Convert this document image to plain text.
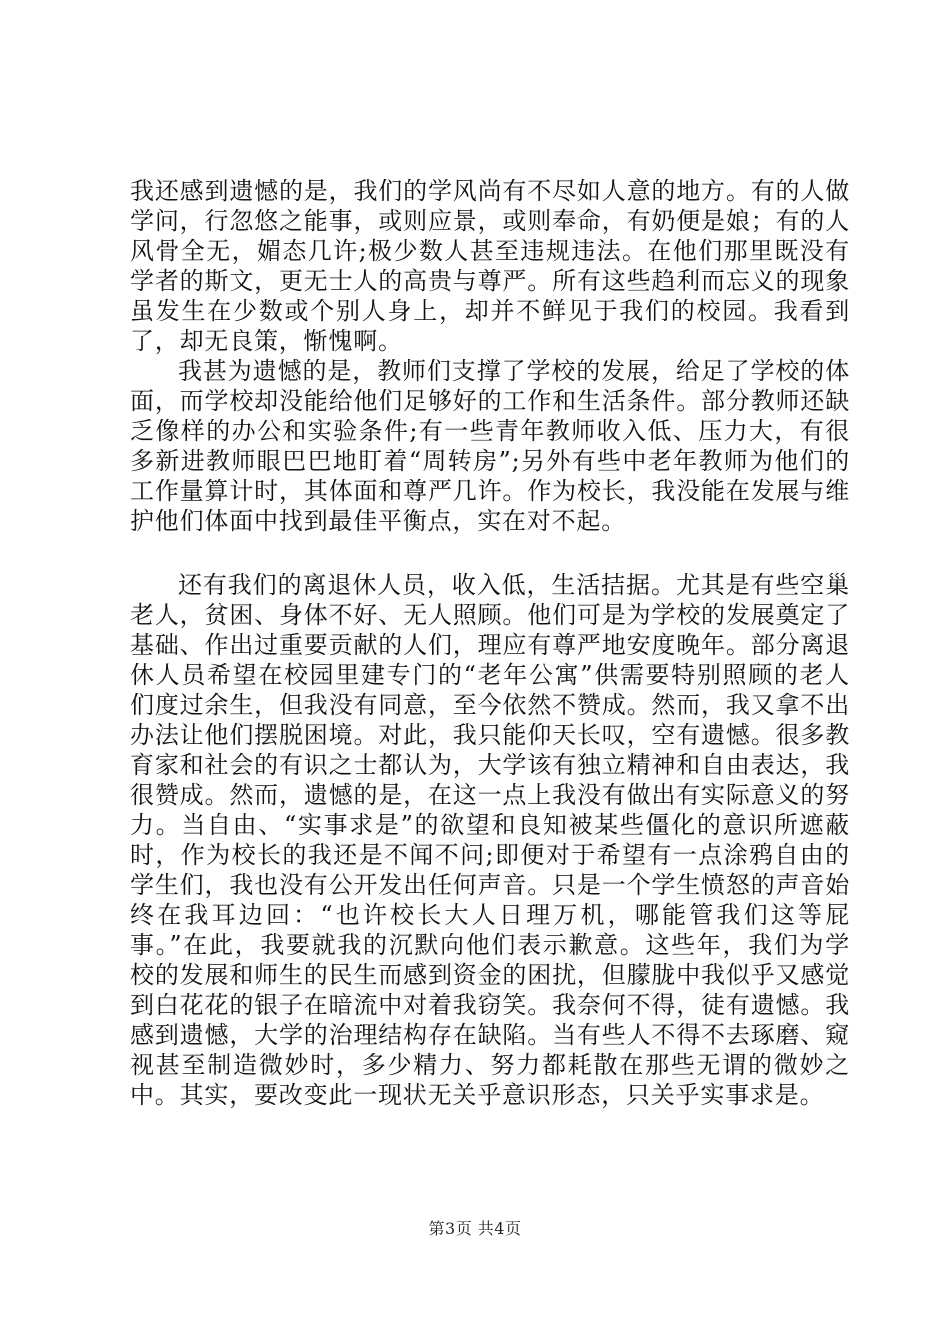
我还感到遗憾的是，我们的学风尚有不尽如人意的地方。有的人做学问，行忽悠之能事，或则应景，或则奉命，有奶便是娘；有的人风骨全无，媚态几许;极少数人甚至违规违法。在他们那里既没有学者的斯文，更无士人的高贵与尊严。所有这些趋利而忘义的现象虽发生在少数或个别人身上，却并不鲜见于我们的校园。我看到了，却无良策，惭愧啊。

我甚为遗憾的是，教师们支撑了学校的发展，给足了学校的体面，而学校却没能给他们足够好的工作和生活条件。部分教师还缺乏像样的办公和实验条件;有一些青年教师收入低、压力大，有很多新进教师眼巴巴地盯着“周转房”;另外有些中老年教师为他们的工作量算计时，其体面和尊严几许。作为校长，我没能在发展与维护他们体面中找到最佳平衡点，实在对不起。

还有我们的离退休人员，收入低，生活拮据。尤其是有些空巢老人，贫困、身体不好、无人照顾。他们可是为学校的发展奠定了基础、作出过重要贡献的人们，理应有尊严地安度晚年。部分离退休人员希望在校园里建专门的“老年公寓”供需要特别照顾的老人们度过余生，但我没有同意，至今依然不赞成。然而，我又拿不出办法让他们摆脱困境。对此，我只能仰天长叹，空有遗憾。很多教育家和社会的有识之士都认为，大学该有独立精神和自由表达，我很赞成。然而，遗憾的是，在这一点上我没有做出有实际意义的努力。当自由、“实事求是”的欲望和良知被某些僵化的意识所遮蔽时，作为校长的我还是不闻不问;即便对于希望有一点涂鸦自由的学生们，我也没有公开发出任何声音。只是一个学生愤怒的声音始终在我耳边回：“也许校长大人日理万机，哪能管我们这等屁事。”在此，我要就我的沉默向他们表示歉意。这些年，我们为学校的发展和师生的民生而感到资金的困扰，但朦胧中我似乎又感觉到白花花的银子在暗流中对着我窃笑。我奈何不得，徒有遗憾。我感到遗憾，大学的治理结构存在缺陷。当有些人不得不去琢磨、窥视甚至制造微妙时，多少精力、努力都耗散在那些无谓的微妙之中。其实，要改变此一现状无关乎意识形态，只关乎实事求是。

第3页 共4页
